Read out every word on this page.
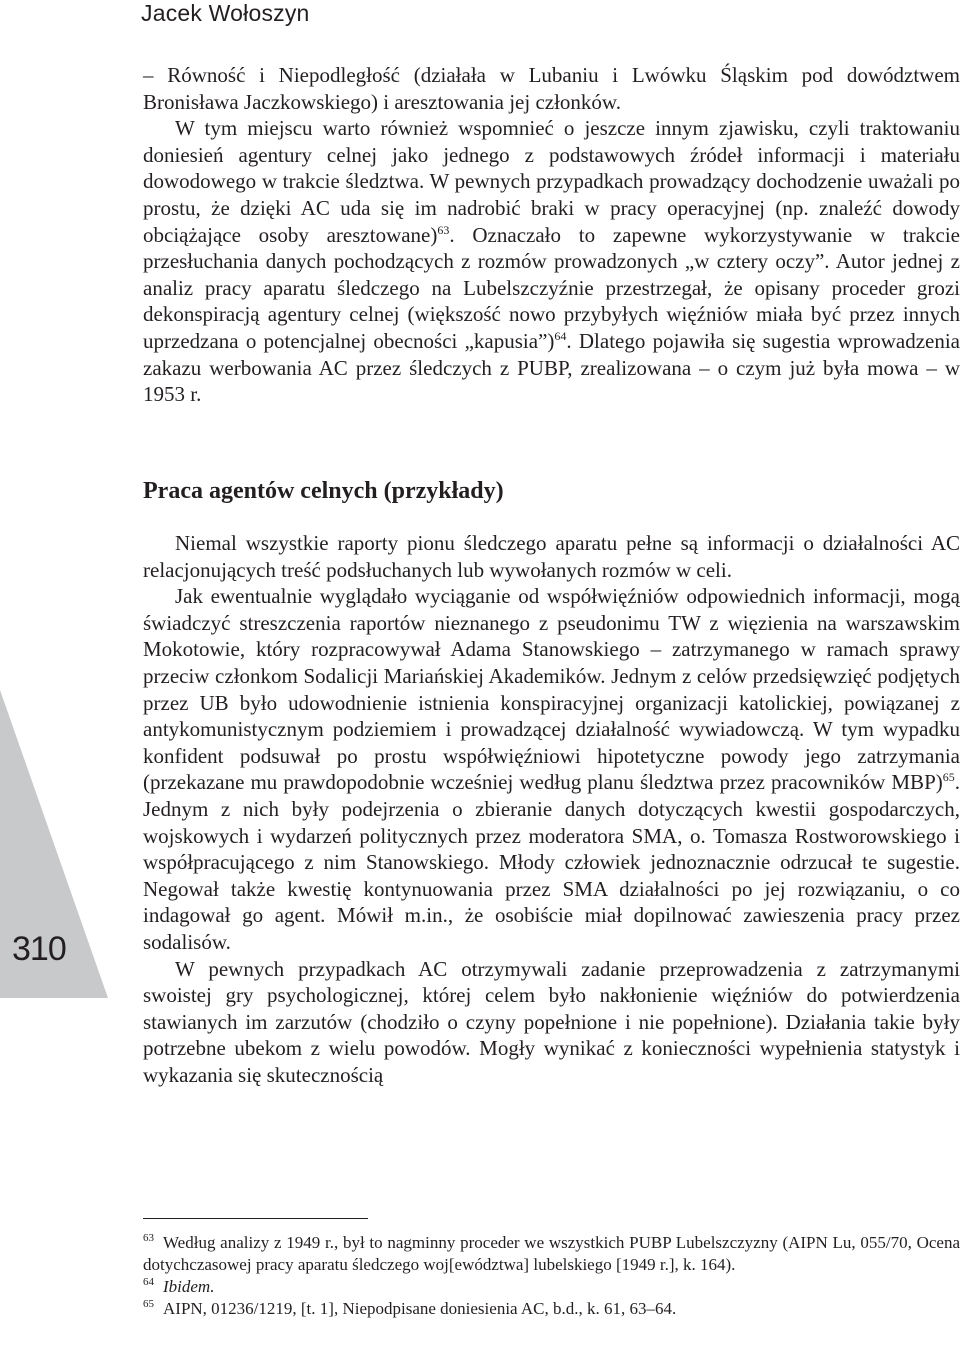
Jacek Wołoszyn

– Równość i Niepodległość (działała w Lubaniu i Lwówku Śląskim pod dowództwem Bronisława Jaczkowskiego) i aresztowania jej członków.

W tym miejscu warto również wspomnieć o jeszcze innym zjawisku, czyli traktowaniu doniesień agentury celnej jako jednego z podstawowych źródeł informacji i materiału dowodowego w trakcie śledztwa. W pewnych przypadkach prowadzący dochodzenie uważali po prostu, że dzięki AC uda się im nadrobić braki w pracy operacyjnej (np. znaleźć dowody obciążające osoby aresztowane)$^{63}$. Oznaczało to zapewne wykorzystywanie w trakcie przesłuchania danych pochodzących z rozmów prowadzonych „w cztery oczy”. Autor jednej z analiz pracy aparatu śledczego na Lubelszczyźnie przestrzegał, że opisany proceder grozi dekonspiracją agentury celnej (większość nowo przybyłych więźniów miała być przez innych uprzedzana o potencjalnej obecności „kapusia”)$^{64}$. Dlatego pojawiła się sugestia wprowadzenia zakazu werbowania AC przez śledczych z PUBP, zrealizowana – o czym już była mowa – w 1953 r.

Praca agentów celnych (przykłady)

Niemal wszystkie raporty pionu śledczego aparatu pełne są informacji o działalności AC relacjonujących treść podsłuchanych lub wywołanych rozmów w celi.

Jak ewentualnie wyglądało wyciąganie od współwięźniów odpowiednich informacji, mogą świadczyć streszczenia raportów nieznanego z pseudonimu TW z więzienia na warszawskim Mokotowie, który rozpracowywał Adama Stanowskiego – zatrzymanego w ramach sprawy przeciw członkom Sodalicji Mariańskiej Akademików. Jednym z celów przedsięwzięć podjętych przez UB było udowodnienie istnienia konspiracyjnej organizacji katolickiej, powiązanej z antykomunistycznym podziemiem i prowadzącej działalność wywiadowczą. W tym wypadku konfident podsuwał po prostu współwięźniowi hipotetyczne powody jego zatrzymania (przekazane mu prawdopodobnie wcześniej według planu śledztwa przez pracowników MBP)$^{65}$. Jednym z nich były podejrzenia o zbieranie danych dotyczących kwestii gospodarczych, wojskowych i wydarzeń politycznych przez moderatora SMA, o. Tomasza Rostworowskiego i współpracującego z nim Stanowskiego. Młody człowiek jednoznacznie odrzucał te sugestie. Negował także kwestię kontynuowania przez SMA działalności po jej rozwiązaniu, o co indagował go agent. Mówił m.in., że osobiście miał dopilnować zawieszenia pracy przez sodalisów.

W pewnych przypadkach AC otrzymywali zadanie przeprowadzenia z zatrzymanymi swoistej gry psychologicznej, której celem było nakłonienie więźniów do potwierdzenia stawianych im zarzutów (chodziło o czyny popełnione i nie popełnione). Działania takie były potrzebne ubekom z wielu powodów. Mogły wynikać z konieczności wypełnienia statystyk i wykazania się skutecznością

$^{63}$ Według analizy z 1949 r., był to nagminny proceder we wszystkich PUBP Lubelszczyzny (AIPN Lu, 055/70, Ocena dotychczasowej pracy aparatu śledczego woj[ewództwa] lubelskiego [1949 r.], k. 164).

$^{64}$ Ibidem.

$^{65}$ AIPN, 01236/1219, [t. 1], Niepodpisane doniesienia AC, b.d., k. 61, 63–64.

310
